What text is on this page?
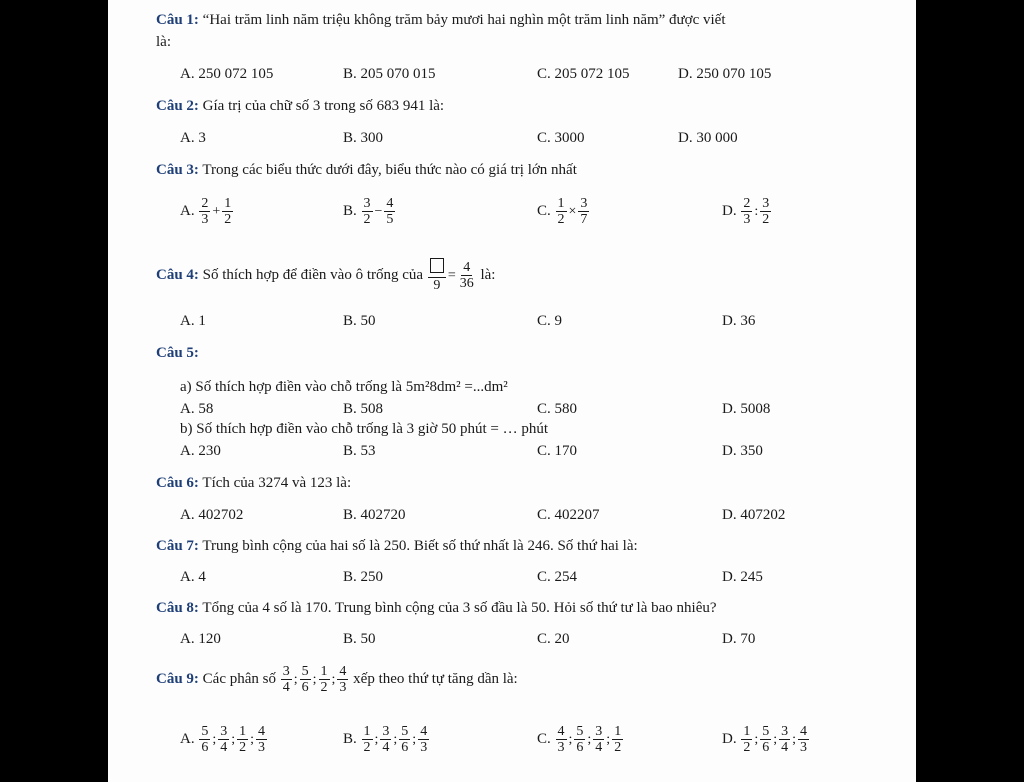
Câu 1: “Hai trăm linh năm triệu không trăm bảy mươi hai nghìn một trăm linh năm” được viết
là:
A. 250 072 105	B. 205 070 015	C. 205 072 105	D. 250 070 105
Câu 2: Gía trị của chữ số 3 trong số 683 941 là:
A. 3	B. 300	C. 3000	D. 30 000
Câu 3: Trong các biểu thức dưới đây, biểu thức nào có giá trị lớn nhất
A. $\frac{2}{3} + \frac{1}{2}$	B. $\frac{3}{2} - \frac{4}{5}$	C. $\frac{1}{2} \times \frac{3}{7}$	D. $\frac{2}{3}$ : $\frac{3}{2}$
Câu 4: Số thích hợp để điền vào ô trống của
9
= $\frac{4}{36}$ là:
A. 1	B. 50	C. 9	D. 36
Câu 5:
a) Số thích hợp điền vào chỗ trống là 5m²8dm² =...dm²
A. 58	B. 508	C. 580	D. 5008
b) Số thích hợp điền vào chỗ trống là 3 giờ 50 phút = … phút
A. 230	B. 53	C. 170	D. 350
Câu 6: Tích của 3274 và 123 là:
A. 402702	B. 402720	C. 402207	D. 407202
Câu 7: Trung bình cộng của hai số là 250. Biết số thứ nhất là 246. Số thứ hai là:
A. 4	B. 250	C. 254	D. 245
Câu 8: Tổng của 4 số là 170. Trung bình cộng của 3 số đầu là 50. Hỏi số thứ tư là bao nhiêu?
A. 120	B. 50	C. 20	D. 70
Câu 9: Các phân số $\frac{3}{4}$ ; $\frac{5}{6}$ ; $\frac{1}{2}$ ; $\frac{4}{3}$ xếp theo thứ tự tăng dần là:
A. $\frac{5}{6}$ ; $\frac{3}{4}$ ; $\frac{1}{2}$ ; $\frac{4}{3}$	B. $\frac{1}{2}$ ; $\frac{3}{4}$ ; $\frac{5}{6}$ ; $\frac{4}{3}$	C. $\frac{4}{3}$ ; $\frac{5}{6}$ ; $\frac{3}{4}$ ; $\frac{1}{2}$	D. $\frac{1}{2}$ ; $\frac{5}{6}$ ; $\frac{3}{4}$ ; $\frac{4}{3}$
